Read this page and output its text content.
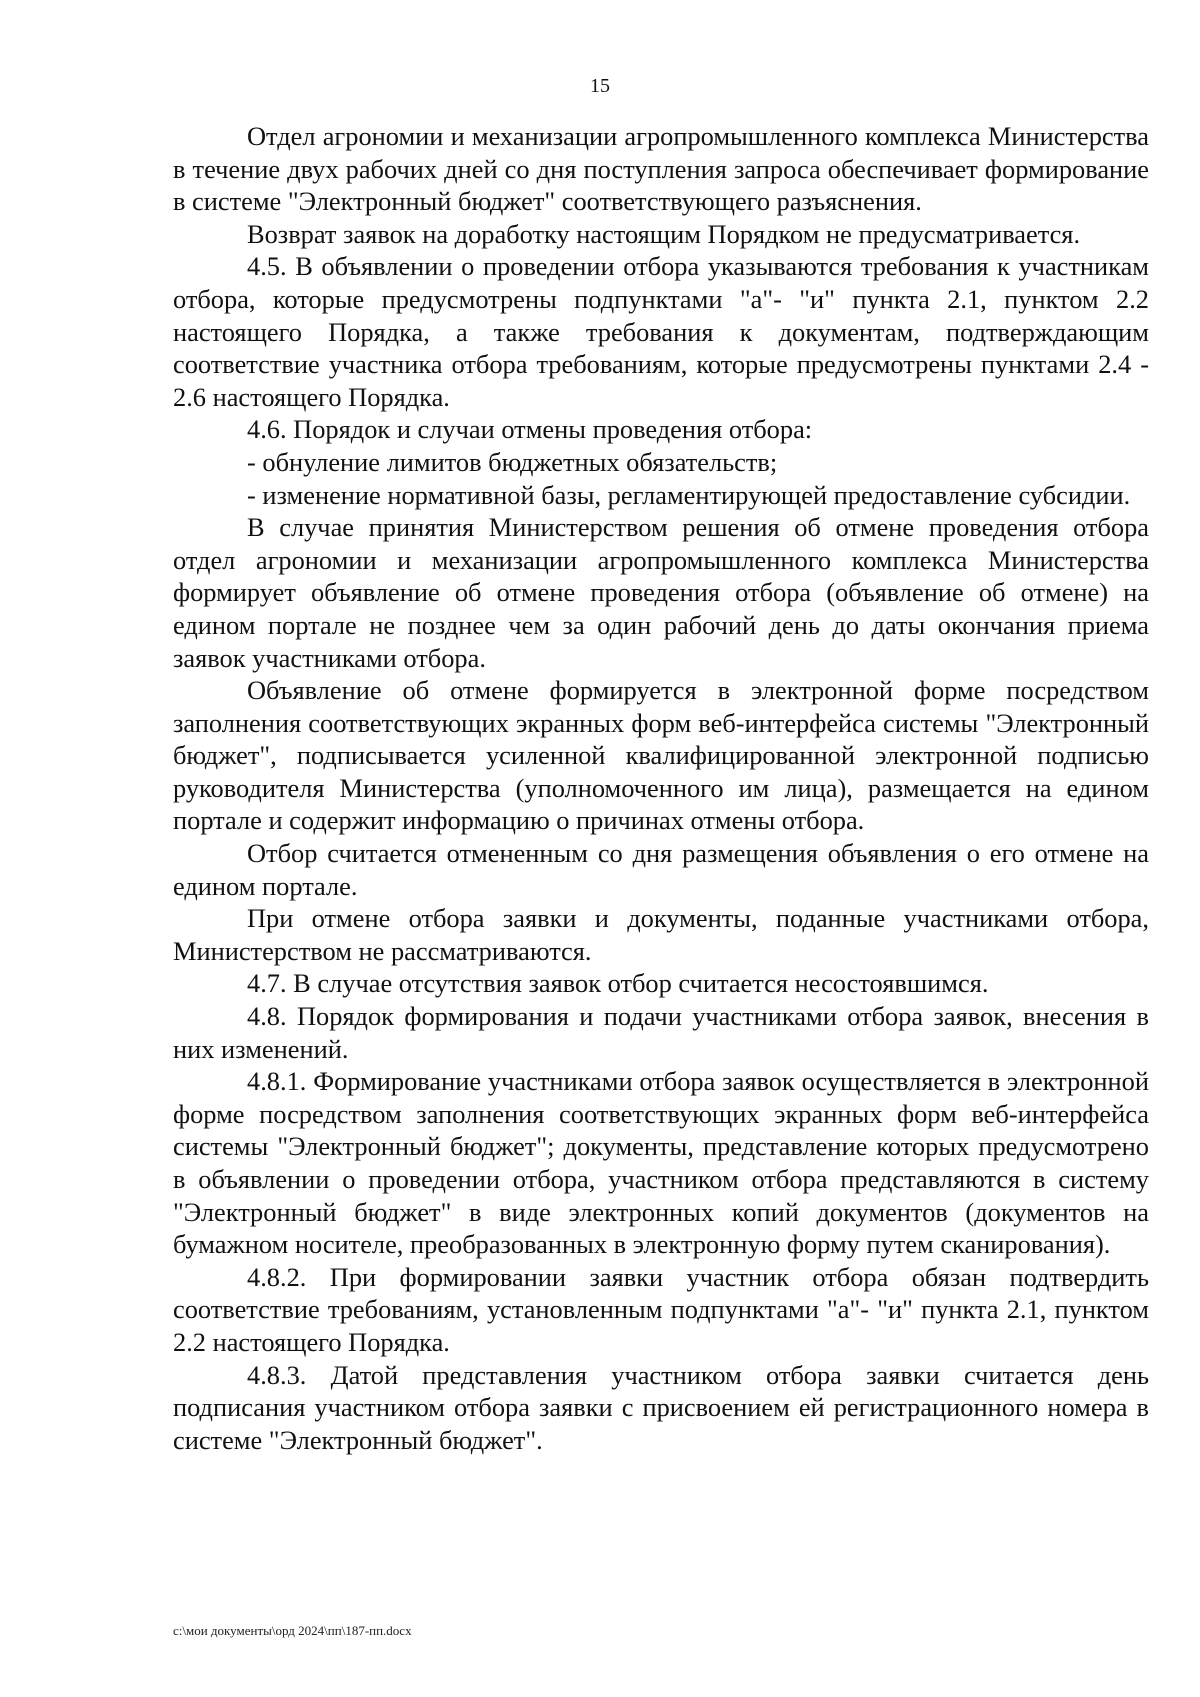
15

Отдел агрономии и механизации агропромышленного комплекса Министерства в течение двух рабочих дней со дня поступления запроса обеспечивает формирование в системе "Электронный бюджет" соответствующего разъяснения.

Возврат заявок на доработку настоящим Порядком не предусматривается.

4.5. В объявлении о проведении отбора указываются требования к участникам отбора, которые предусмотрены подпунктами "а"- "и" пункта 2.1, пунктом 2.2 настоящего Порядка, а также требования к документам, подтверждающим соответствие участника отбора требованиям, которые предусмотрены пунктами 2.4 - 2.6 настоящего Порядка.

4.6. Порядок и случаи отмены проведения отбора:

- обнуление лимитов бюджетных обязательств;

- изменение нормативной базы, регламентирующей предоставление субсидии.

В случае принятия Министерством решения об отмене проведения отбора отдел агрономии и механизации агропромышленного комплекса Министерства формирует объявление об отмене проведения отбора (объявление об отмене) на едином портале не позднее чем за один рабочий день до даты окончания приема заявок участниками отбора.

Объявление об отмене формируется в электронной форме посредством заполнения соответствующих экранных форм веб-интерфейса системы "Электронный бюджет", подписывается усиленной квалифицированной электронной подписью руководителя Министерства (уполномоченного им лица), размещается на едином портале и содержит информацию о причинах отмены отбора.

Отбор считается отмененным со дня размещения объявления о его отмене на едином портале.

При отмене отбора заявки и документы, поданные участниками отбора, Министерством не рассматриваются.

4.7. В случае отсутствия заявок отбор считается несостоявшимся.

4.8. Порядок формирования и подачи участниками отбора заявок, внесения в них изменений.

4.8.1. Формирование участниками отбора заявок осуществляется в электронной форме посредством заполнения соответствующих экранных форм веб-интерфейса системы "Электронный бюджет"; документы, представление которых предусмотрено в объявлении о проведении отбора, участником отбора представляются в систему "Электронный бюджет" в виде электронных копий документов (документов на бумажном носителе, преобразованных в электронную форму путем сканирования).

4.8.2. При формировании заявки участник отбора обязан подтвердить соответствие требованиям, установленным подпунктами "а"- "и" пункта 2.1, пунктом 2.2 настоящего Порядка.

4.8.3. Датой представления участником отбора заявки считается день подписания участником отбора заявки с присвоением ей регистрационного номера в системе "Электронный бюджет".

c:\мои документы\орд 2024\пп\187-пп.docx
